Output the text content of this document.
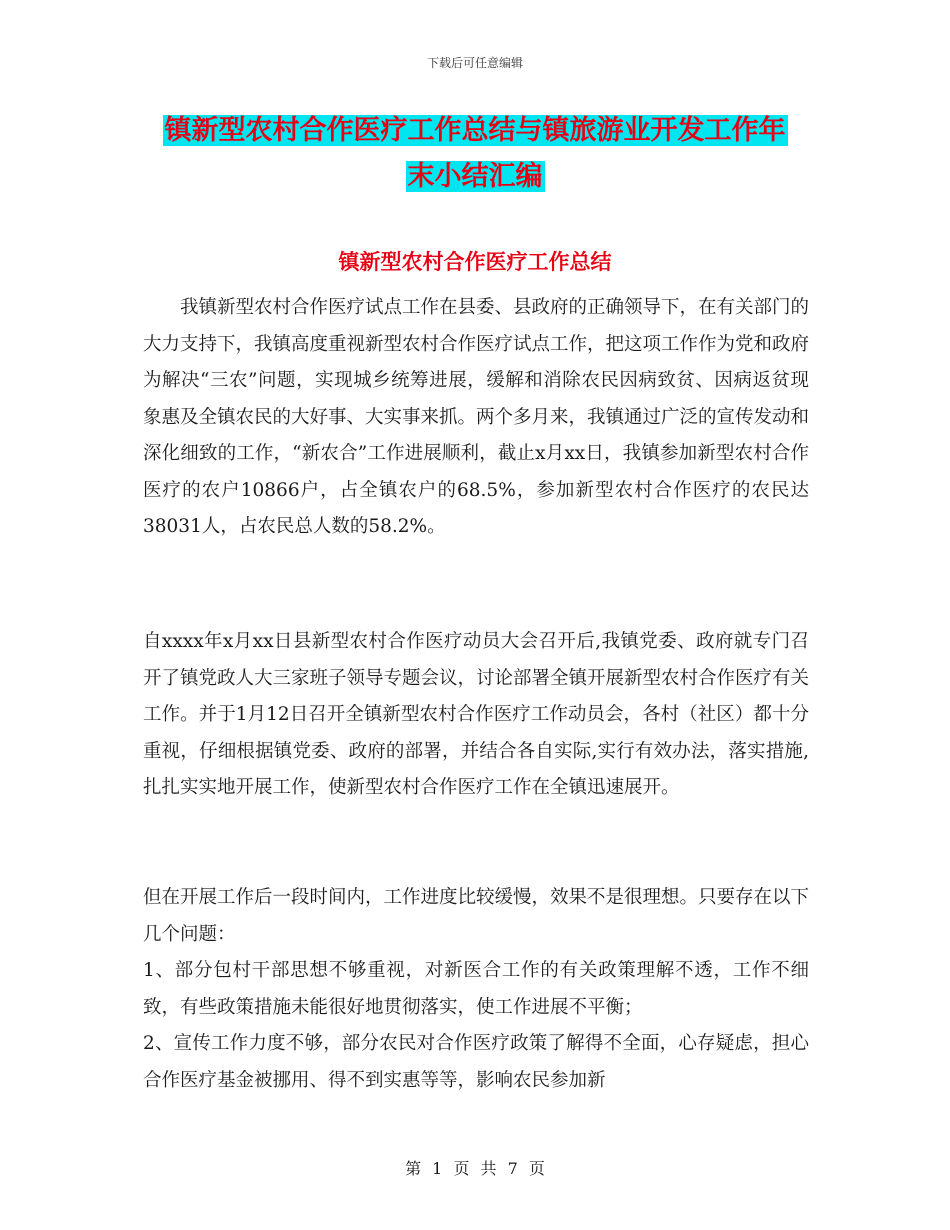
下载后可任意编辑
镇新型农村合作医疗工作总结与镇旅游业开发工作年
末小结汇编
镇新型农村合作医疗工作总结

我镇新型农村合作医疗试点工作在县委、县政府的正确领导下，在有关部门的大力支持下，我镇高度重视新型农村合作医疗试点工作，把这项工作作为党和政府为解决“三农”问题，实现城乡统筹进展，缓解和消除农民因病致贫、因病返贫现象惠及全镇农民的大好事、大实事来抓。两个多月来，我镇通过广泛的宣传发动和深化细致的工作，“新农合”工作进展顺利，截止x月xx日，我镇参加新型农村合作医疗的农户10866户，占全镇农户的68.5%，参加新型农村合作医疗的农民达38031人，占农民总人数的58.2%。

自xxxx年x月xx日县新型农村合作医疗动员大会召开后,我镇党委、政府就专门召开了镇党政人大三家班子领导专题会议，讨论部署全镇开展新型农村合作医疗有关工作。并于1月12日召开全镇新型农村合作医疗工作动员会，各村（社区）都十分重视，仔细根据镇党委、政府的部署，并结合各自实际,实行有效办法，落实措施,扎扎实实地开展工作，使新型农村合作医疗工作在全镇迅速展开。

但在开展工作后一段时间内，工作进度比较缓慢，效果不是很理想。只要存在以下几个问题：
1、部分包村干部思想不够重视，对新医合工作的有关政策理解不透，工作不细致，有些政策措施未能很好地贯彻落实，使工作进展不平衡；
2、宣传工作力度不够，部分农民对合作医疗政策了解得不全面，心存疑虑，担心合作医疗基金被挪用、得不到实惠等等，影响农民参加新
第 1 页 共 7 页
